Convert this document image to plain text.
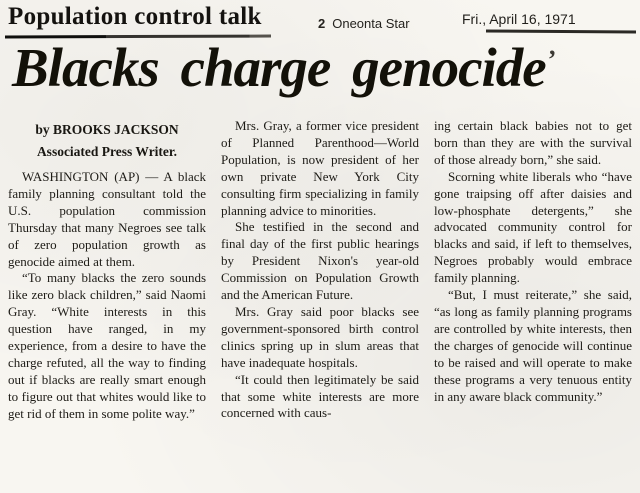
Population control talk	2 Oneonta Star	Fri., April 16, 1971
Blacks charge genocide’
by BROOKS JACKSON
Associated Press Writer.

WASHINGTON (AP) — A black family planning consultant told the U.S. population commission Thursday that many Negroes see talk of zero population growth as genocide aimed at them.

“To many blacks the zero sounds like zero black children,” said Naomi Gray. “White interests in this question have ranged, in my experience, from a desire to have the charge refuted, all the way to finding out if blacks are really smart enough to figure out that whites would like to get rid of them in some polite way.”

Mrs. Gray, a former vice president of Planned Parenthood—World Population, is now president of her own private New York City consulting firm specializing in family planning advice to minorities.

She testified in the second and final day of the first public hearings by President Nixon's year-old Commission on Population Growth and the American Future.

Mrs. Gray said poor blacks see government-sponsored birth control clinics spring up in slum areas that have inadequate hospitals.

“It could then legitimately be said that some white interests are more concerned with caus-

ing certain black babies not to get born than they are with the survival of those already born,” she said.

Scorning white liberals who “have gone traipsing off after daisies and low-phosphate detergents,” she advocated community control for blacks and said, if left to themselves, Negroes probably would embrace family planning.

“But, I must reiterate,” she said, “as long as family planning programs are controlled by white interests, then the charges of genocide will continue to be raised and will operate to make these programs a very tenuous entity in any aware black community.”
